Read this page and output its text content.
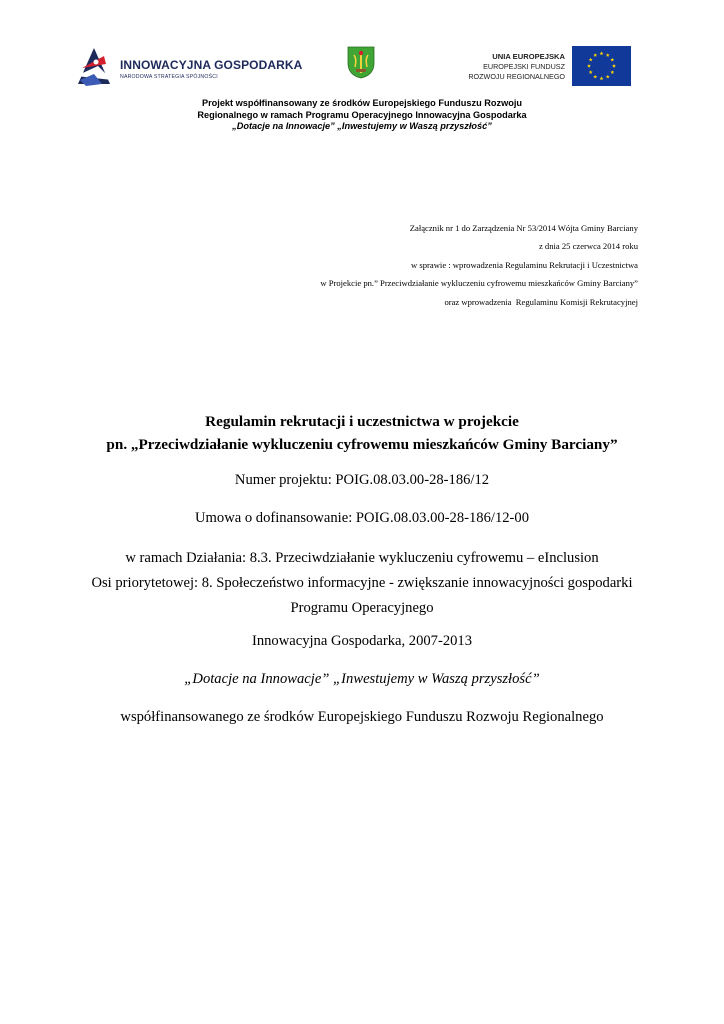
INNOWACYJNA GOSPODARKA
NARODOWA STRATEGIA SPÓJNOŚCI
UNIA EUROPEJSKA
EUROPEJSKI FUNDUSZ
ROZWOJU REGIONALNEGO
Projekt współfinansowany ze środków Europejskiego Funduszu Rozwoju
Regionalnego w ramach Programu Operacyjnego Innowacyjna Gospodarka
„Dotacje na Innowacje” „Inwestujemy w Waszą przyszłość”
Załącznik nr 1 do Zarządzenia Nr 53/2014 Wójta Gminy Barciany
z dnia 25 czerwca 2014 roku
w sprawie : wprowadzenia Regulaminu Rekrutacji i Uczestnictwa
w Projekcie pn.” Przeciwdziałanie wykluczeniu cyfrowemu mieszkańców Gminy Barciany”
oraz wprowadzenia  Regulaminu Komisji Rekrutacyjnej
Regulamin rekrutacji i uczestnictwa w projekcie
pn. „Przeciwdziałanie wykluczeniu cyfrowemu mieszkańców Gminy Barciany”
Numer projektu: POIG.08.03.00-28-186/12
Umowa o dofinansowanie: POIG.08.03.00-28-186/12-00
w ramach Działania: 8.3. Przeciwdziałanie wykluczeniu cyfrowemu – eInclusion
Osi priorytetowej: 8. Społeczeństwo informacyjne - zwiększanie innowacyjności gospodarki
Programu Operacyjnego
Innowacyjna Gospodarka, 2007-2013
„Dotacje na Innowacje” „Inwestujemy w Waszą przyszłość”
współfinansowanego ze środków Europejskiego Funduszu Rozwoju Regionalnego
